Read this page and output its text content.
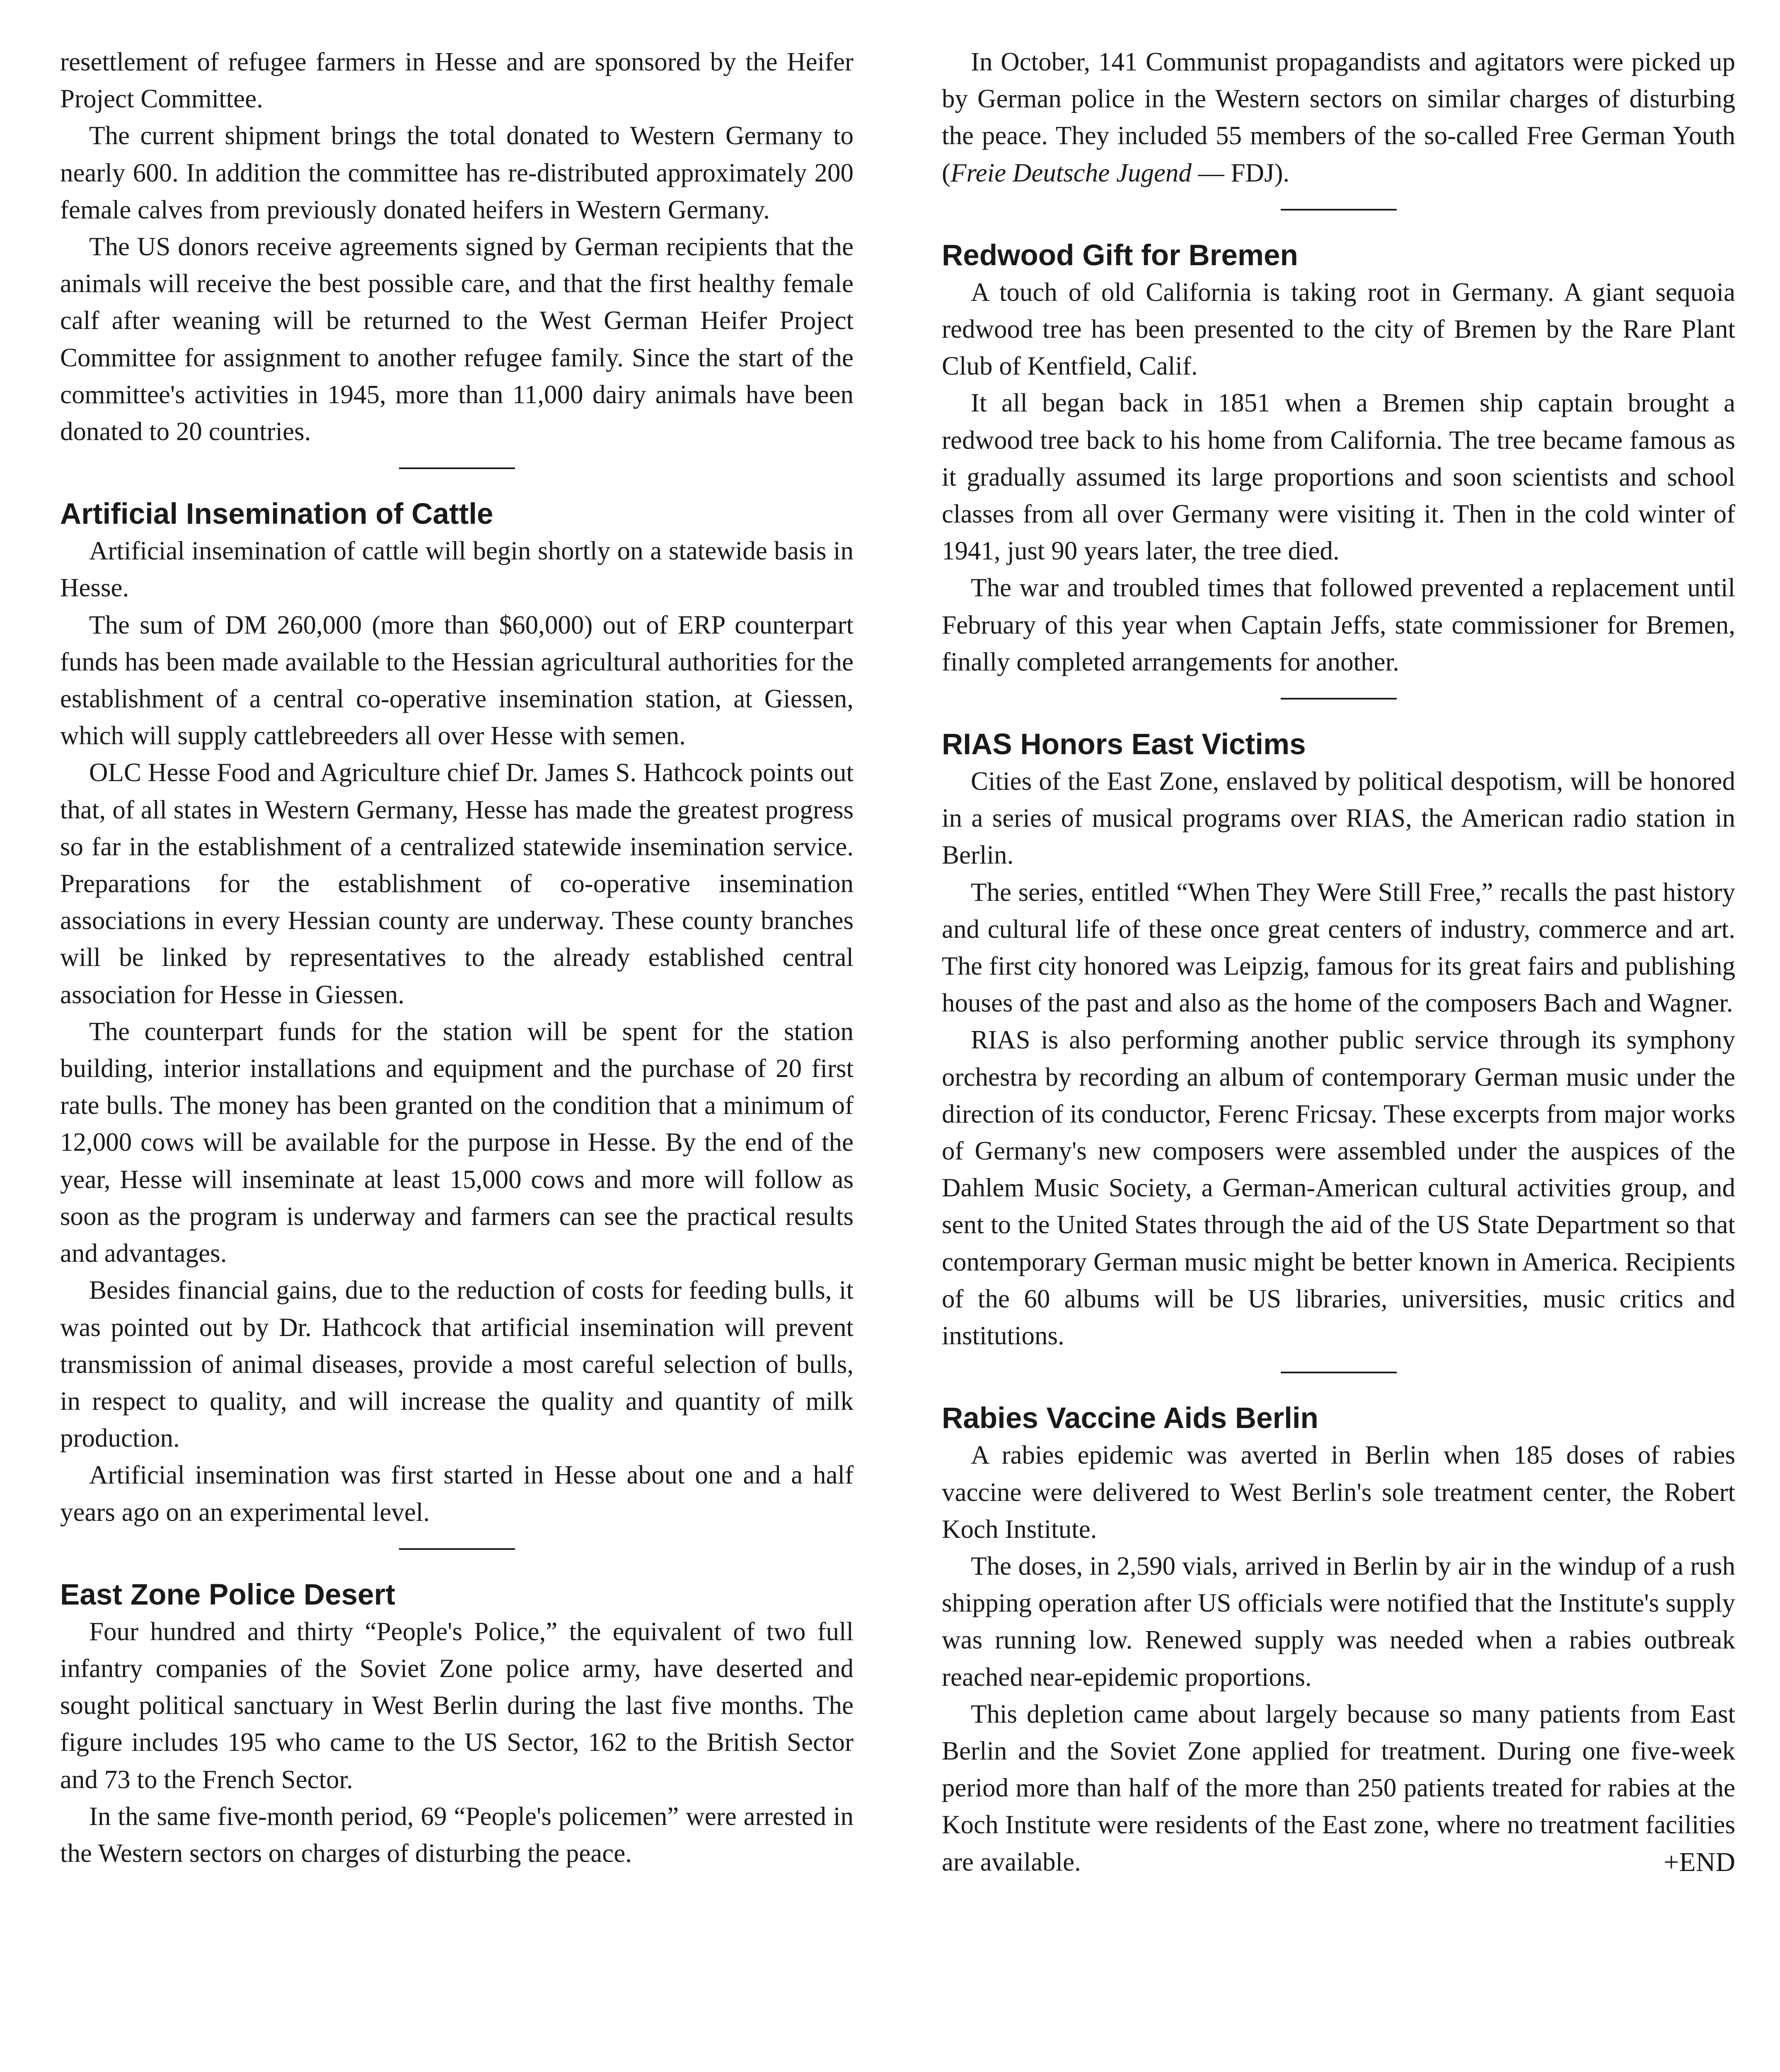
resettlement of refugee farmers in Hesse and are sponsored by the Heifer Project Committee.

The current shipment brings the total donated to Western Germany to nearly 600. In addition the committee has re-distributed approximately 200 female calves from previously donated heifers in Western Germany.

The US donors receive agreements signed by German recipients that the animals will receive the best possible care, and that the first healthy female calf after weaning will be returned to the West German Heifer Project Committee for assignment to another refugee family. Since the start of the committee's activities in 1945, more than 11,000 dairy animals have been donated to 20 countries.

Artificial Insemination of Cattle

Artificial insemination of cattle will begin shortly on a statewide basis in Hesse.

The sum of DM 260,000 (more than $60,000) out of ERP counterpart funds has been made available to the Hessian agricultural authorities for the establishment of a central co-operative insemination station, at Giessen, which will supply cattlebreeders all over Hesse with semen.

OLC Hesse Food and Agriculture chief Dr. James S. Hathcock points out that, of all states in Western Germany, Hesse has made the greatest progress so far in the establishment of a centralized statewide insemination service. Preparations for the establishment of co-operative insemination associations in every Hessian county are underway. These county branches will be linked by representatives to the already established central association for Hesse in Giessen.

The counterpart funds for the station will be spent for the station building, interior installations and equipment and the purchase of 20 first rate bulls. The money has been granted on the condition that a minimum of 12,000 cows will be available for the purpose in Hesse. By the end of the year, Hesse will inseminate at least 15,000 cows and more will follow as soon as the program is underway and farmers can see the practical results and advantages.

Besides financial gains, due to the reduction of costs for feeding bulls, it was pointed out by Dr. Hathcock that artificial insemination will prevent transmission of animal diseases, provide a most careful selection of bulls, in respect to quality, and will increase the quality and quantity of milk production.

Artificial insemination was first started in Hesse about one and a half years ago on an experimental level.

East Zone Police Desert

Four hundred and thirty “People's Police,” the equivalent of two full infantry companies of the Soviet Zone police army, have deserted and sought political sanctuary in West Berlin during the last five months. The figure includes 195 who came to the US Sector, 162 to the British Sector and 73 to the French Sector.

In the same five-month period, 69 “People's policemen” were arrested in the Western sectors on charges of disturbing the peace.

In October, 141 Communist propagandists and agitators were picked up by German police in the Western sectors on similar charges of disturbing the peace. They included 55 members of the so-called Free German Youth (Freie Deutsche Jugend — FDJ).

Redwood Gift for Bremen

A touch of old California is taking root in Germany. A giant sequoia redwood tree has been presented to the city of Bremen by the Rare Plant Club of Kentfield, Calif.

It all began back in 1851 when a Bremen ship captain brought a redwood tree back to his home from California. The tree became famous as it gradually assumed its large proportions and soon scientists and school classes from all over Germany were visiting it. Then in the cold winter of 1941, just 90 years later, the tree died.

The war and troubled times that followed prevented a replacement until February of this year when Captain Jeffs, state commissioner for Bremen, finally completed arrangements for another.

RIAS Honors East Victims

Cities of the East Zone, enslaved by political despotism, will be honored in a series of musical programs over RIAS, the American radio station in Berlin.

The series, entitled “When They Were Still Free,” recalls the past history and cultural life of these once great centers of industry, commerce and art. The first city honored was Leipzig, famous for its great fairs and publishing houses of the past and also as the home of the composers Bach and Wagner.

RIAS is also performing another public service through its symphony orchestra by recording an album of contemporary German music under the direction of its conductor, Ferenc Fricsay. These excerpts from major works of Germany's new composers were assembled under the auspices of the Dahlem Music Society, a German-American cultural activities group, and sent to the United States through the aid of the US State Department so that contemporary German music might be better known in America. Recipients of the 60 albums will be US libraries, universities, music critics and institutions.

Rabies Vaccine Aids Berlin

A rabies epidemic was averted in Berlin when 185 doses of rabies vaccine were delivered to West Berlin's sole treatment center, the Robert Koch Institute.

The doses, in 2,590 vials, arrived in Berlin by air in the windup of a rush shipping operation after US officials were notified that the Institute's supply was running low. Renewed supply was needed when a rabies outbreak reached near-epidemic proportions.

This depletion came about largely because so many patients from East Berlin and the Soviet Zone applied for treatment. During one five-week period more than half of the more than 250 patients treated for rabies at the Koch Institute were residents of the East zone, where no treatment facilities are available.	+END
